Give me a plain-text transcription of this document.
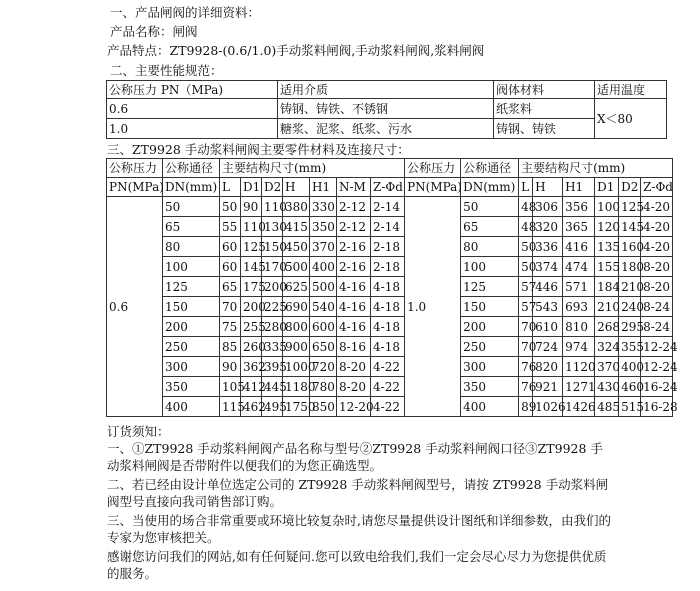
一、产品闸阀的详细资料：
产品名称：闸阀
产品特点：ZT9928-(0.6/1.0)手动浆料闸阀,手动浆料闸阀,浆料闸阀
二、主要性能规范：
公称压力 PN（MPa)	适用介质	阀体材料	适用温度
0.6	铸钢、铸铁、不锈钢	纸浆料	X＜80
1.0	糖浆、泥浆、纸浆、污水	铸钢、铸铁	
三、ZT9928 手动浆料闸阀主要零件材料及连接尺寸：
公称压力	公称通径	主要结构尺寸(mm)							公称压力	公称通径	主要结构尺寸(mm)					
PN(MPa)	DN(mm)	L	D1	D2	H	H1	N-M	Z-Φd	PN(MPa)	DN(mm)	L	H	H1	D1	D2	Z-Φd
0.6	50	50	90	110	380	330	2-12	2-14	1.0	50	48	306	356	100	125	4-20
	65	55	110	130	415	350	2-12	2-14		65	48	320	365	120	145	4-20
	80	60	125	150	450	370	2-16	2-18		80	50	336	416	135	160	4-20
	100	60	145	170	500	400	2-16	2-18		100	50	374	474	155	180	8-20
	125	65	175	200	625	500	4-16	4-18		125	57	446	571	184	210	8-20
	150	70	200	225	690	540	4-16	4-18		150	57	543	693	210	240	8-24
	200	75	255	280	800	600	4-16	4-18		200	70	610	810	268	295	8-24
	250	85	260	335	900	650	8-16	4-18		250	70	724	974	324	355	12-24
	300	90	362	395	1000	720	8-20	4-22		300	76	820	1120	370	400	12-24
	350	105	412	445	1180	780	8-20	4-22		350	76	921	1271	430	460	16-24
	400	115	462	495	1750	850	12-20	4-22		400	89	1026	1426	485	515	16-28
订货须知：
一、①ZT9928 手动浆料闸阀产品名称与型号②ZT9928 手动浆料闸阀口径③ZT9928 手动浆料闸阀是否带附件以便我们的为您正确选型。
二、若已经由设计单位选定公司的 ZT9928 手动浆料闸阀型号，请按 ZT9928 手动浆料闸阀型号直接向我司销售部订购。
三、当使用的场合非常重要或环境比较复杂时,请您尽量提供设计图纸和详细参数，由我们的专家为您审核把关。
感谢您访问我们的网站,如有任何疑问.您可以致电给我们,我们一定会尽心尽力为您提供优质的服务。
